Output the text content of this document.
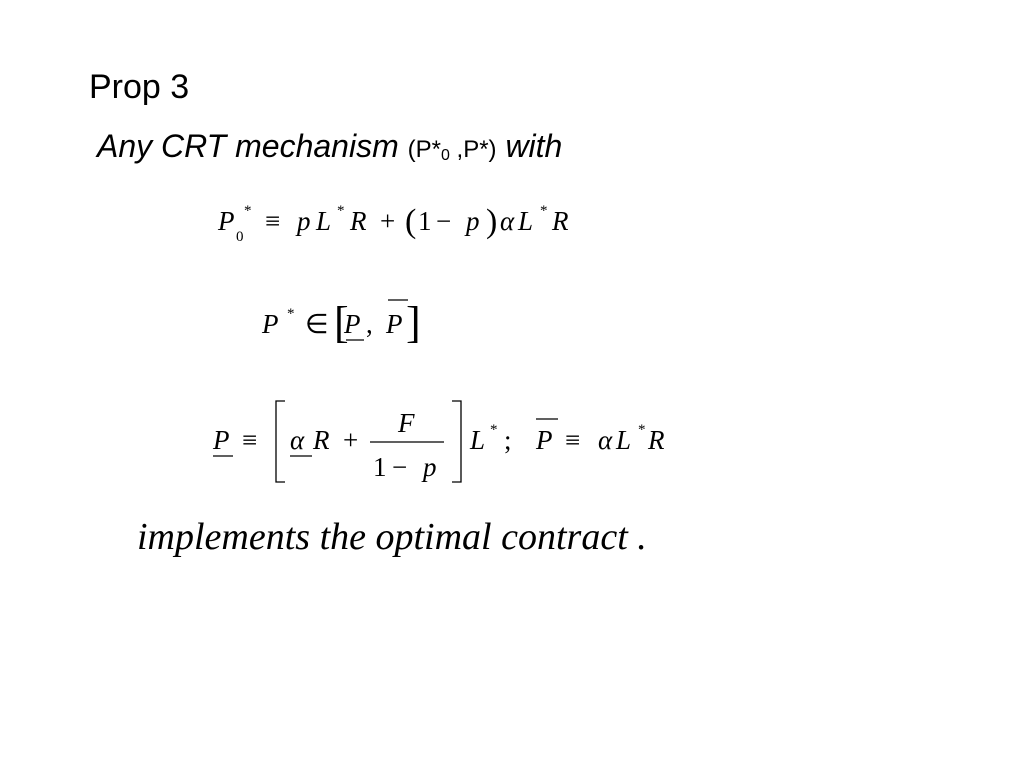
Prop 3
Any CRT mechanism ($P*_0$ ,P*) with
P *
0
≡ p L * R + ( 1 − p ) α L * R
P * ∈ [
P , P ]
P ≡ α R +
F
1 − p
L * ; P ≡ α L * R
implements the optimal contract .
